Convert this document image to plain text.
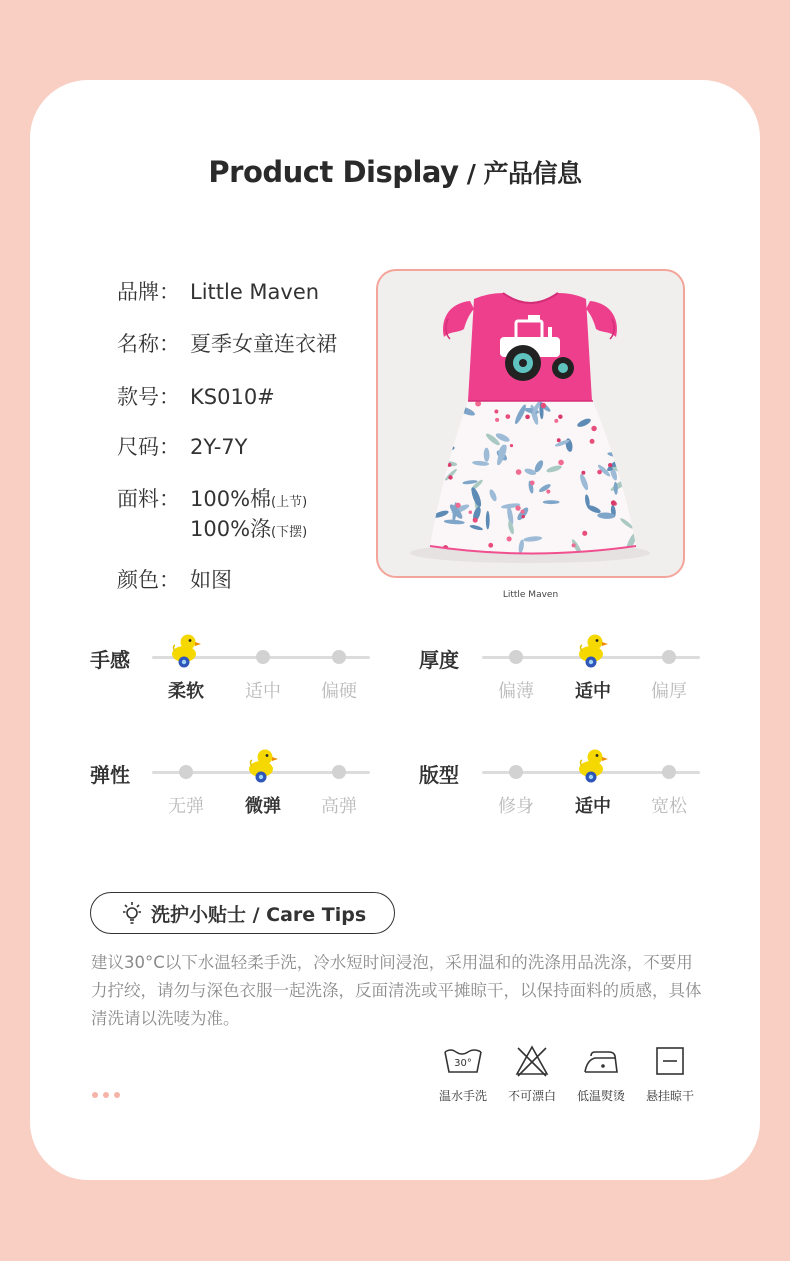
Product Display / 产品信息
品牌： Little Maven
名称： 夏季女童连衣裙
款号： KS010#
尺码： 2Y-7Y
面料： 100%棉(上节)
100%涤(下摆)
颜色： 如图
Little Maven
手感
柔软	适中	偏硬
厚度
偏薄	适中	偏厚
弹性
无弹	微弹	高弹
版型
修身	适中	宽松
洗护小贴士 / Care Tips
建议30°C以下水温轻柔手洗，冷水短时间浸泡，采用温和的洗涤用品洗涤，不要用力拧绞，请勿与深色衣服一起洗涤，反面清洗或平摊晾干，以保持面料的质感，具体清洗请以洗唛为准。
30°
温水手洗	不可漂白	低温熨烫	悬挂晾干
